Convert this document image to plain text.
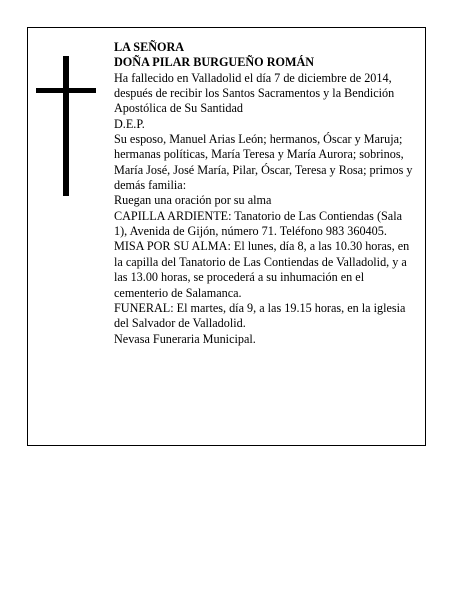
LA SEÑORA

DOÑA PILAR BURGUEÑO ROMÁN

Ha fallecido en Valladolid el día 7 de diciembre de 2014, después de recibir los Santos Sacramentos y la Bendición Apostólica de Su Santidad

D.E.P.

Su esposo, Manuel Arias León; hermanos, Óscar y Maruja; hermanas políticas, María Teresa y María Aurora; sobrinos, María José, José María, Pilar, Óscar, Teresa y Rosa; primos y demás familia:

Ruegan una oración por su alma

CAPILLA ARDIENTE: Tanatorio de Las Contiendas (Sala 1), Avenida de Gijón, número 71. Teléfono 983 360405.

MISA POR SU ALMA: El lunes, día 8, a las 10.30 horas, en la capilla del Tanatorio de Las Contiendas de Valladolid, y a las 13.00 horas, se procederá a su inhumación en el cementerio de Salamanca.

FUNERAL: El martes, día 9, a las 19.15 horas, en la iglesia del Salvador de Valladolid.

Nevasa Funeraria Municipal.
